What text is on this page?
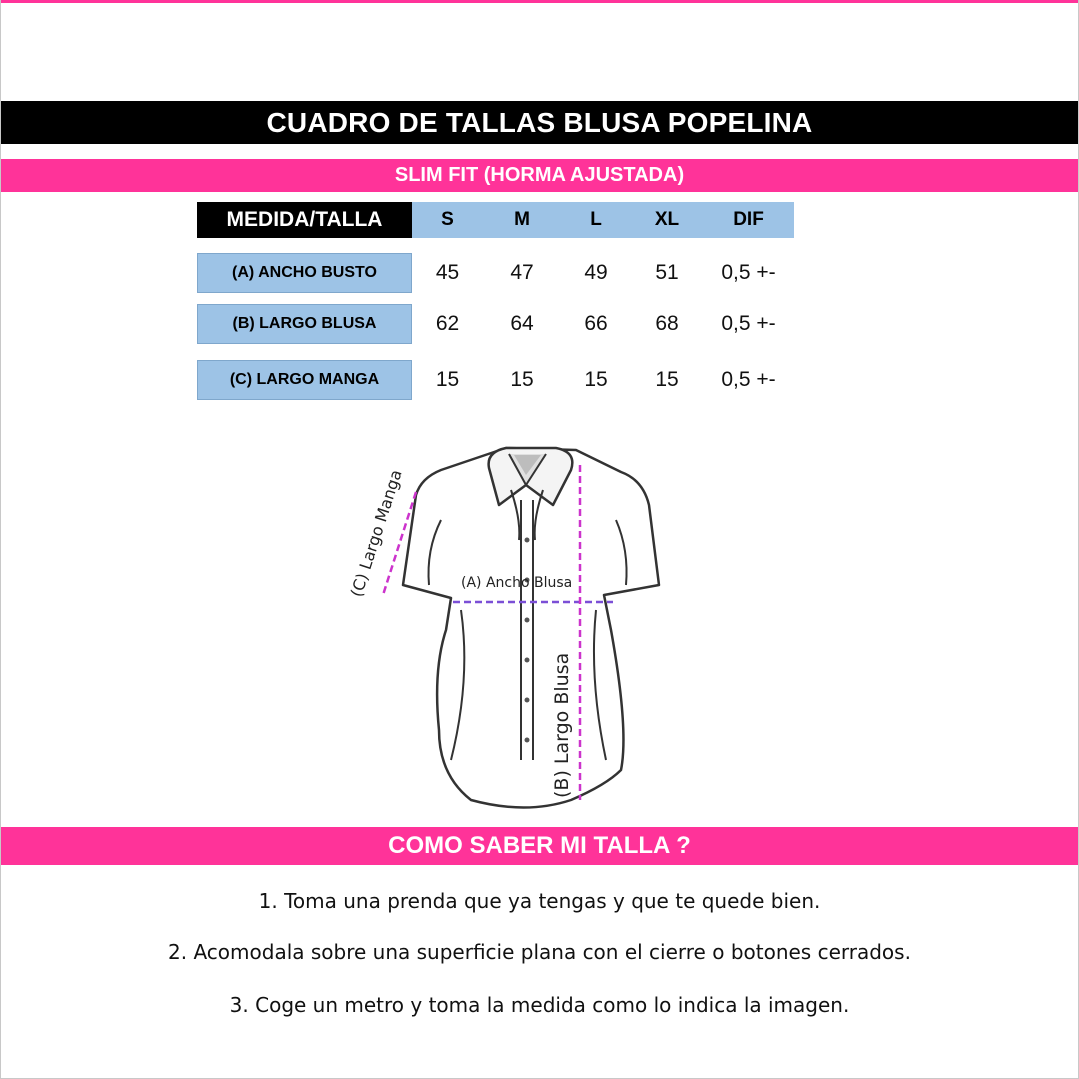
CUADRO DE TALLAS BLUSA POPELINA
SLIM FIT (HORMA AJUSTADA)
MEDIDA/TALLA	S	M	L	XL	DIF
(A) ANCHO BUSTO	45	47	49	51	0,5 +-
(B) LARGO BLUSA	62	64	66	68	0,5 +-
(C) LARGO MANGA	15	15	15	15	0,5 +-
(A) Ancho Blusa
(B) Largo Blusa
(C) Largo Manga
COMO SABER MI TALLA ?
1. Toma una prenda que ya tengas y que te quede bien.
2. Acomodala sobre una superficie plana con el cierre o botones cerrados.
3. Coge un metro y toma la medida como lo indica la imagen.
